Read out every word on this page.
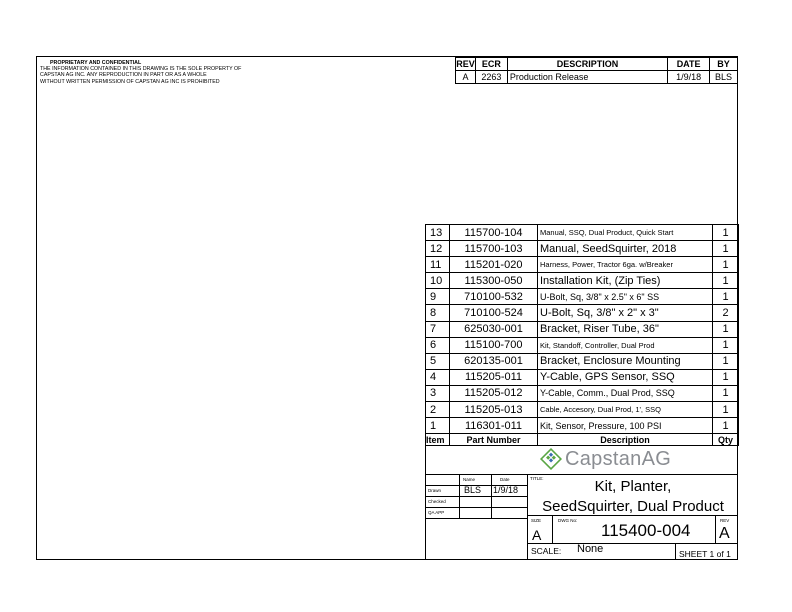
PROPRIETARY AND CONFIDENTIAL
THE INFORMATION CONTAINED IN THIS DRAWING IS THE SOLE PROPERTY OF
CAPSTAN AG INC. ANY REPRODUCTION IN PART OR AS A WHOLE
WITHOUT WRITTEN PERMISSION OF CAPSTAN AG INC IS PROHIBITED
REV	ECR	DESCRIPTION	DATE	BY
A	2263	Production Release	1/9/18	BLS
13	115700-104	Manual, SSQ, Dual Product, Quick Start	1
12	115700-103	Manual, SeedSquirter, 2018	1
11	115201-020	Harness, Power, Tractor 6ga. w/Breaker	1
10	115300-050	Installation Kit, (Zip Ties)	1
9	710100-532	U-Bolt, Sq, 3/8" x 2.5" x 6" SS	1
8	710100-524	U-Bolt, Sq, 3/8" x 2" x 3"	2
7	625030-001	Bracket, Riser Tube, 36"	1
6	115100-700	Kit, Standoff, Controller, Dual Prod	1
5	620135-001	Bracket, Enclosure Mounting	1
4	115205-011	Y-Cable, GPS Sensor, SSQ	1
3	115205-012	Y-Cable, Comm., Dual Prod, SSQ	1
2	115205-013	Cable, Accesory, Dual Prod, 1', SSQ	1
1	116301-011	Kit, Sensor, Pressure, 100 PSI	1
Item	Part Number	Description	Qty
CapstanAG
Name	Date
Drawn
Checked
QA APP
BLS 1/9/18
TITLE:	Kit, Planter,
SeedSquirter, Dual Product
SIZE
A
DWG No:
115400-004
REV
A
SCALE: None	SHEET 1 of 1
